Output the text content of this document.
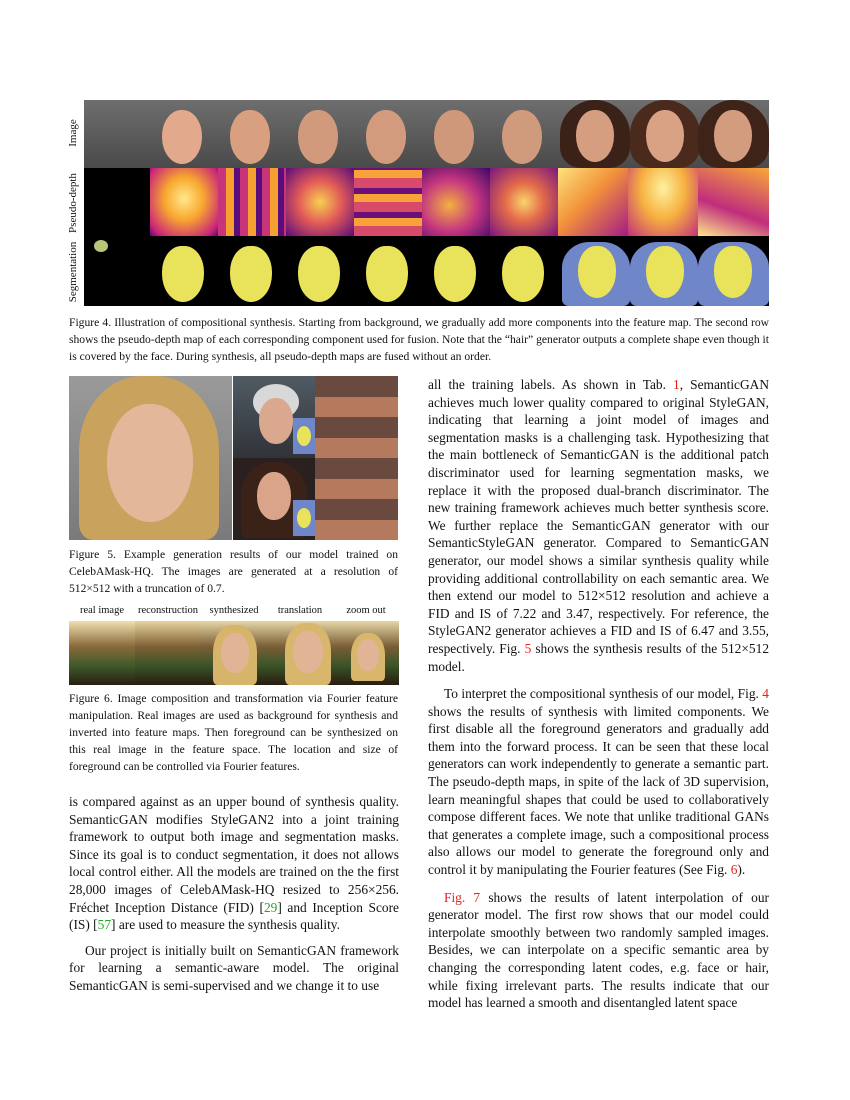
Image
Pseudo-depth
Segmentation

Figure 4. Illustration of compositional synthesis. Starting from background, we gradually add more components into the feature map. The second row shows the pseudo-depth map of each corresponding component used for fusion. Note that the “hair” generator outputs a complete shape even though it is covered by the face. During synthesis, all pseudo-depth maps are fused without an order.

Figure 5. Example generation results of our model trained on CelebAMask-HQ. The images are generated at a resolution of 512×512 with a truncation of 0.7.

real image	reconstruction	synthesized	translation	zoom out

Figure 6. Image composition and transformation via Fourier feature manipulation. Real images are used as background for synthesis and inverted into feature maps. Then foreground can be synthesized on this real image in the feature space. The location and size of foreground can be controlled via Fourier features.

is compared against as an upper bound of synthesis quality. SemanticGAN modifies StyleGAN2 into a joint training framework to output both image and segmentation masks. Since its goal is to conduct segmentation, it does not allows local control either. All the models are trained on the the first 28,000 images of CelebAMask-HQ resized to 256×256. Fréchet Inception Distance (FID) [29] and Inception Score (IS) [57] are used to measure the synthesis quality.

Our project is initially built on SemanticGAN framework for learning a semantic-aware model. The original SemanticGAN is semi-supervised and we change it to use

all the training labels. As shown in Tab. 1, SemanticGAN achieves much lower quality compared to original StyleGAN, indicating that learning a joint model of images and segmentation masks is a challenging task. Hypothesizing that the main bottleneck of SemanticGAN is the additional patch discriminator used for learning segmentation masks, we replace it with the proposed dual-branch discriminator. The new training framework achieves much better synthesis score. We further replace the SemanticGAN generator with our SemanticStyleGAN generator. Compared to SemanticGAN generator, our model shows a similar synthesis quality while providing additional controllability on each semantic area. We then extend our model to 512×512 resolution and achieve a FID and IS of 7.22 and 3.47, respectively. For reference, the StyleGAN2 generator achieves a FID and IS of 6.47 and 3.55, respectively. Fig. 5 shows the synthesis results of the 512×512 model.

To interpret the compositional synthesis of our model, Fig. 4 shows the results of synthesis with limited components. We first disable all the foreground generators and gradually add them into the forward process. It can be seen that these local generators can work independently to generate a semantic part. The pseudo-depth maps, in spite of the lack of 3D supervision, learn meaningful shapes that could be used to collaboratively compose different faces. We note that unlike traditional GANs that generates a complete image, such a compositional process also allows our model to generate the foreground only and control it by manipulating the Fourier features (See Fig. 6).

Fig. 7 shows the results of latent interpolation of our generator model. The first row shows that our model could interpolate smoothly between two randomly sampled images. Besides, we can interpolate on a specific semantic area by changing the corresponding latent codes, e.g. face or hair, while fixing irrelevant parts. The results indicate that our model has learned a smooth and disentangled latent space
